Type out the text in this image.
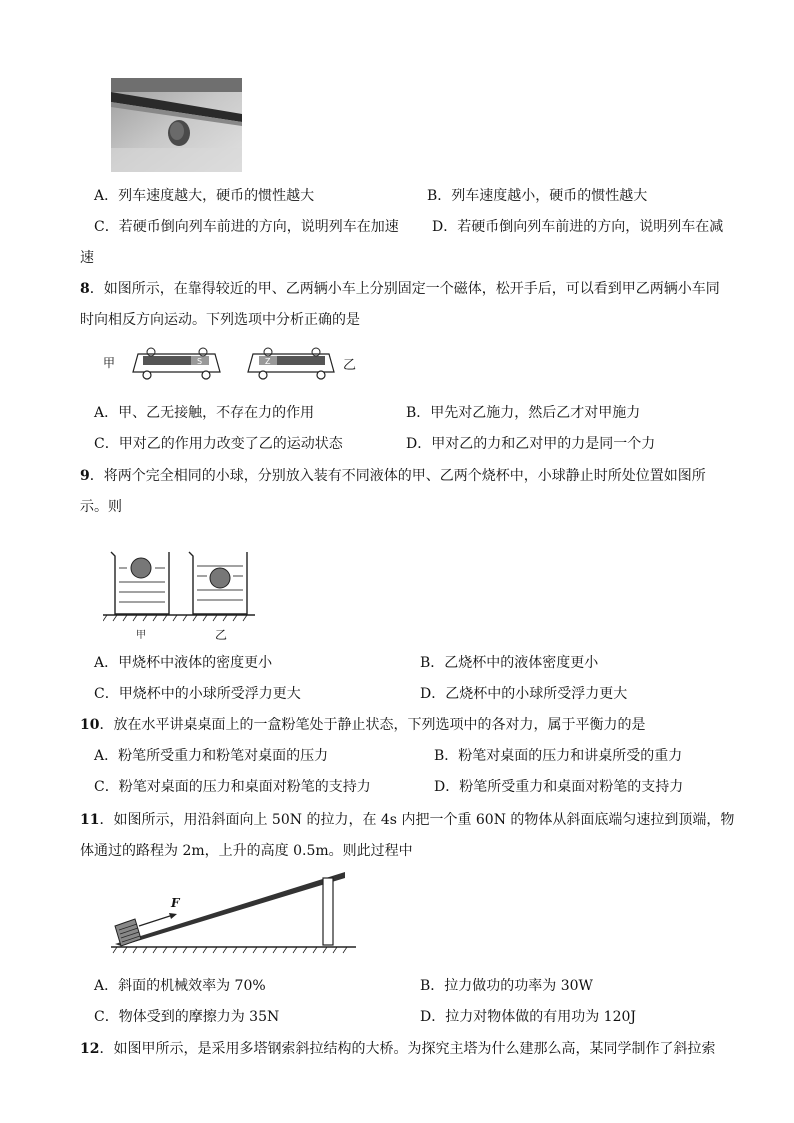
A．列车速度越大，硬币的惯性越大	B．列车速度越小，硬币的惯性越大
C．若硬币倒向列车前进的方向，说明列车在加速 D．若硬币倒向列车前进的方向，说明列车在减
速
8．如图所示，在靠得较近的甲、乙两辆小车上分别固定一个磁体，松开手后，可以看到甲乙两辆小车同
时向相反方向运动。下列选项中分析正确的是
S	Z
甲	乙
A．甲、乙无接触，不存在力的作用	B．甲先对乙施力，然后乙才对甲施力
C．甲对乙的作用力改变了乙的运动状态	D．甲对乙的力和乙对甲的力是同一个力
9．将两个完全相同的小球，分别放入装有不同液体的甲、乙两个烧杯中，小球静止时所处位置如图所
示。则
甲	乙
A．甲烧杯中液体的密度更小	B．乙烧杯中的液体密度更小
C．甲烧杯中的小球所受浮力更大	D．乙烧杯中的小球所受浮力更大
10．放在水平讲桌桌面上的一盒粉笔处于静止状态，下列选项中的各对力，属于平衡力的是
A．粉笔所受重力和粉笔对桌面的压力	B．粉笔对桌面的压力和讲桌所受的重力
C．粉笔对桌面的压力和桌面对粉笔的支持力	D．粉笔所受重力和桌面对粉笔的支持力
11．如图所示，用沿斜面向上 50N 的拉力，在 4s 内把一个重 60N 的物体从斜面底端匀速拉到顶端，物
体通过的路程为 2m，上升的高度 0.5m。则此过程中
F
A．斜面的机械效率为 70%	B．拉力做功的功率为 30W
C．物体受到的摩擦力为 35N	D．拉力对物体做的有用功为 120J
12．如图甲所示，是采用多塔钢索斜拉结构的大桥。为探究主塔为什么建那么高，某同学制作了斜拉索
